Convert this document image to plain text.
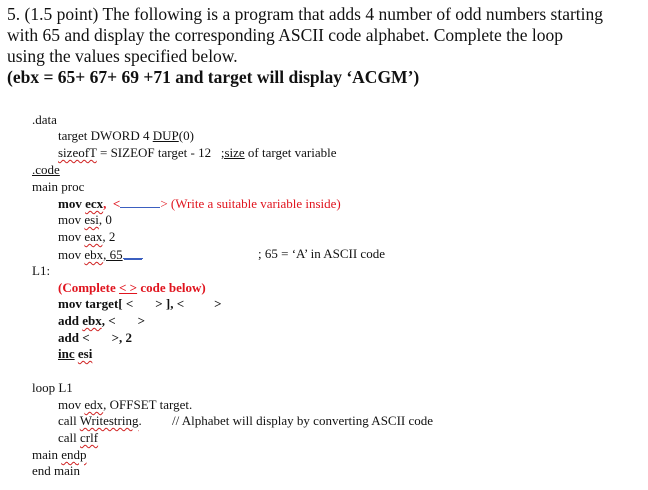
5. (1.5 point) The following is a program that adds 4 number of odd numbers starting
with 65 and display the corresponding ASCII code alphabet. Complete the loop
using the values specified below.
(ebx = 65+ 67+ 69 +71 and target will display ‘ACGM’)
.data
target DWORD 4 DUP(0)
sizeofT = SIZEOF target - 12   ;size of target variable
.code
main proc
mov ecx,  <	> (Write a suitable variable inside)
mov esi, 0
mov eax, 2
mov ebx, 65	; 65 = ‘A’ in ASCII code
L1:
(Complete < > code below)
mov target[ < > ], < >
add ebx, < >
add < >, 2
inc esi
loop L1
mov edx, OFFSET target.
call Writestring. // Alphabet will display by converting ASCII code
call crlf
main endp
end main
